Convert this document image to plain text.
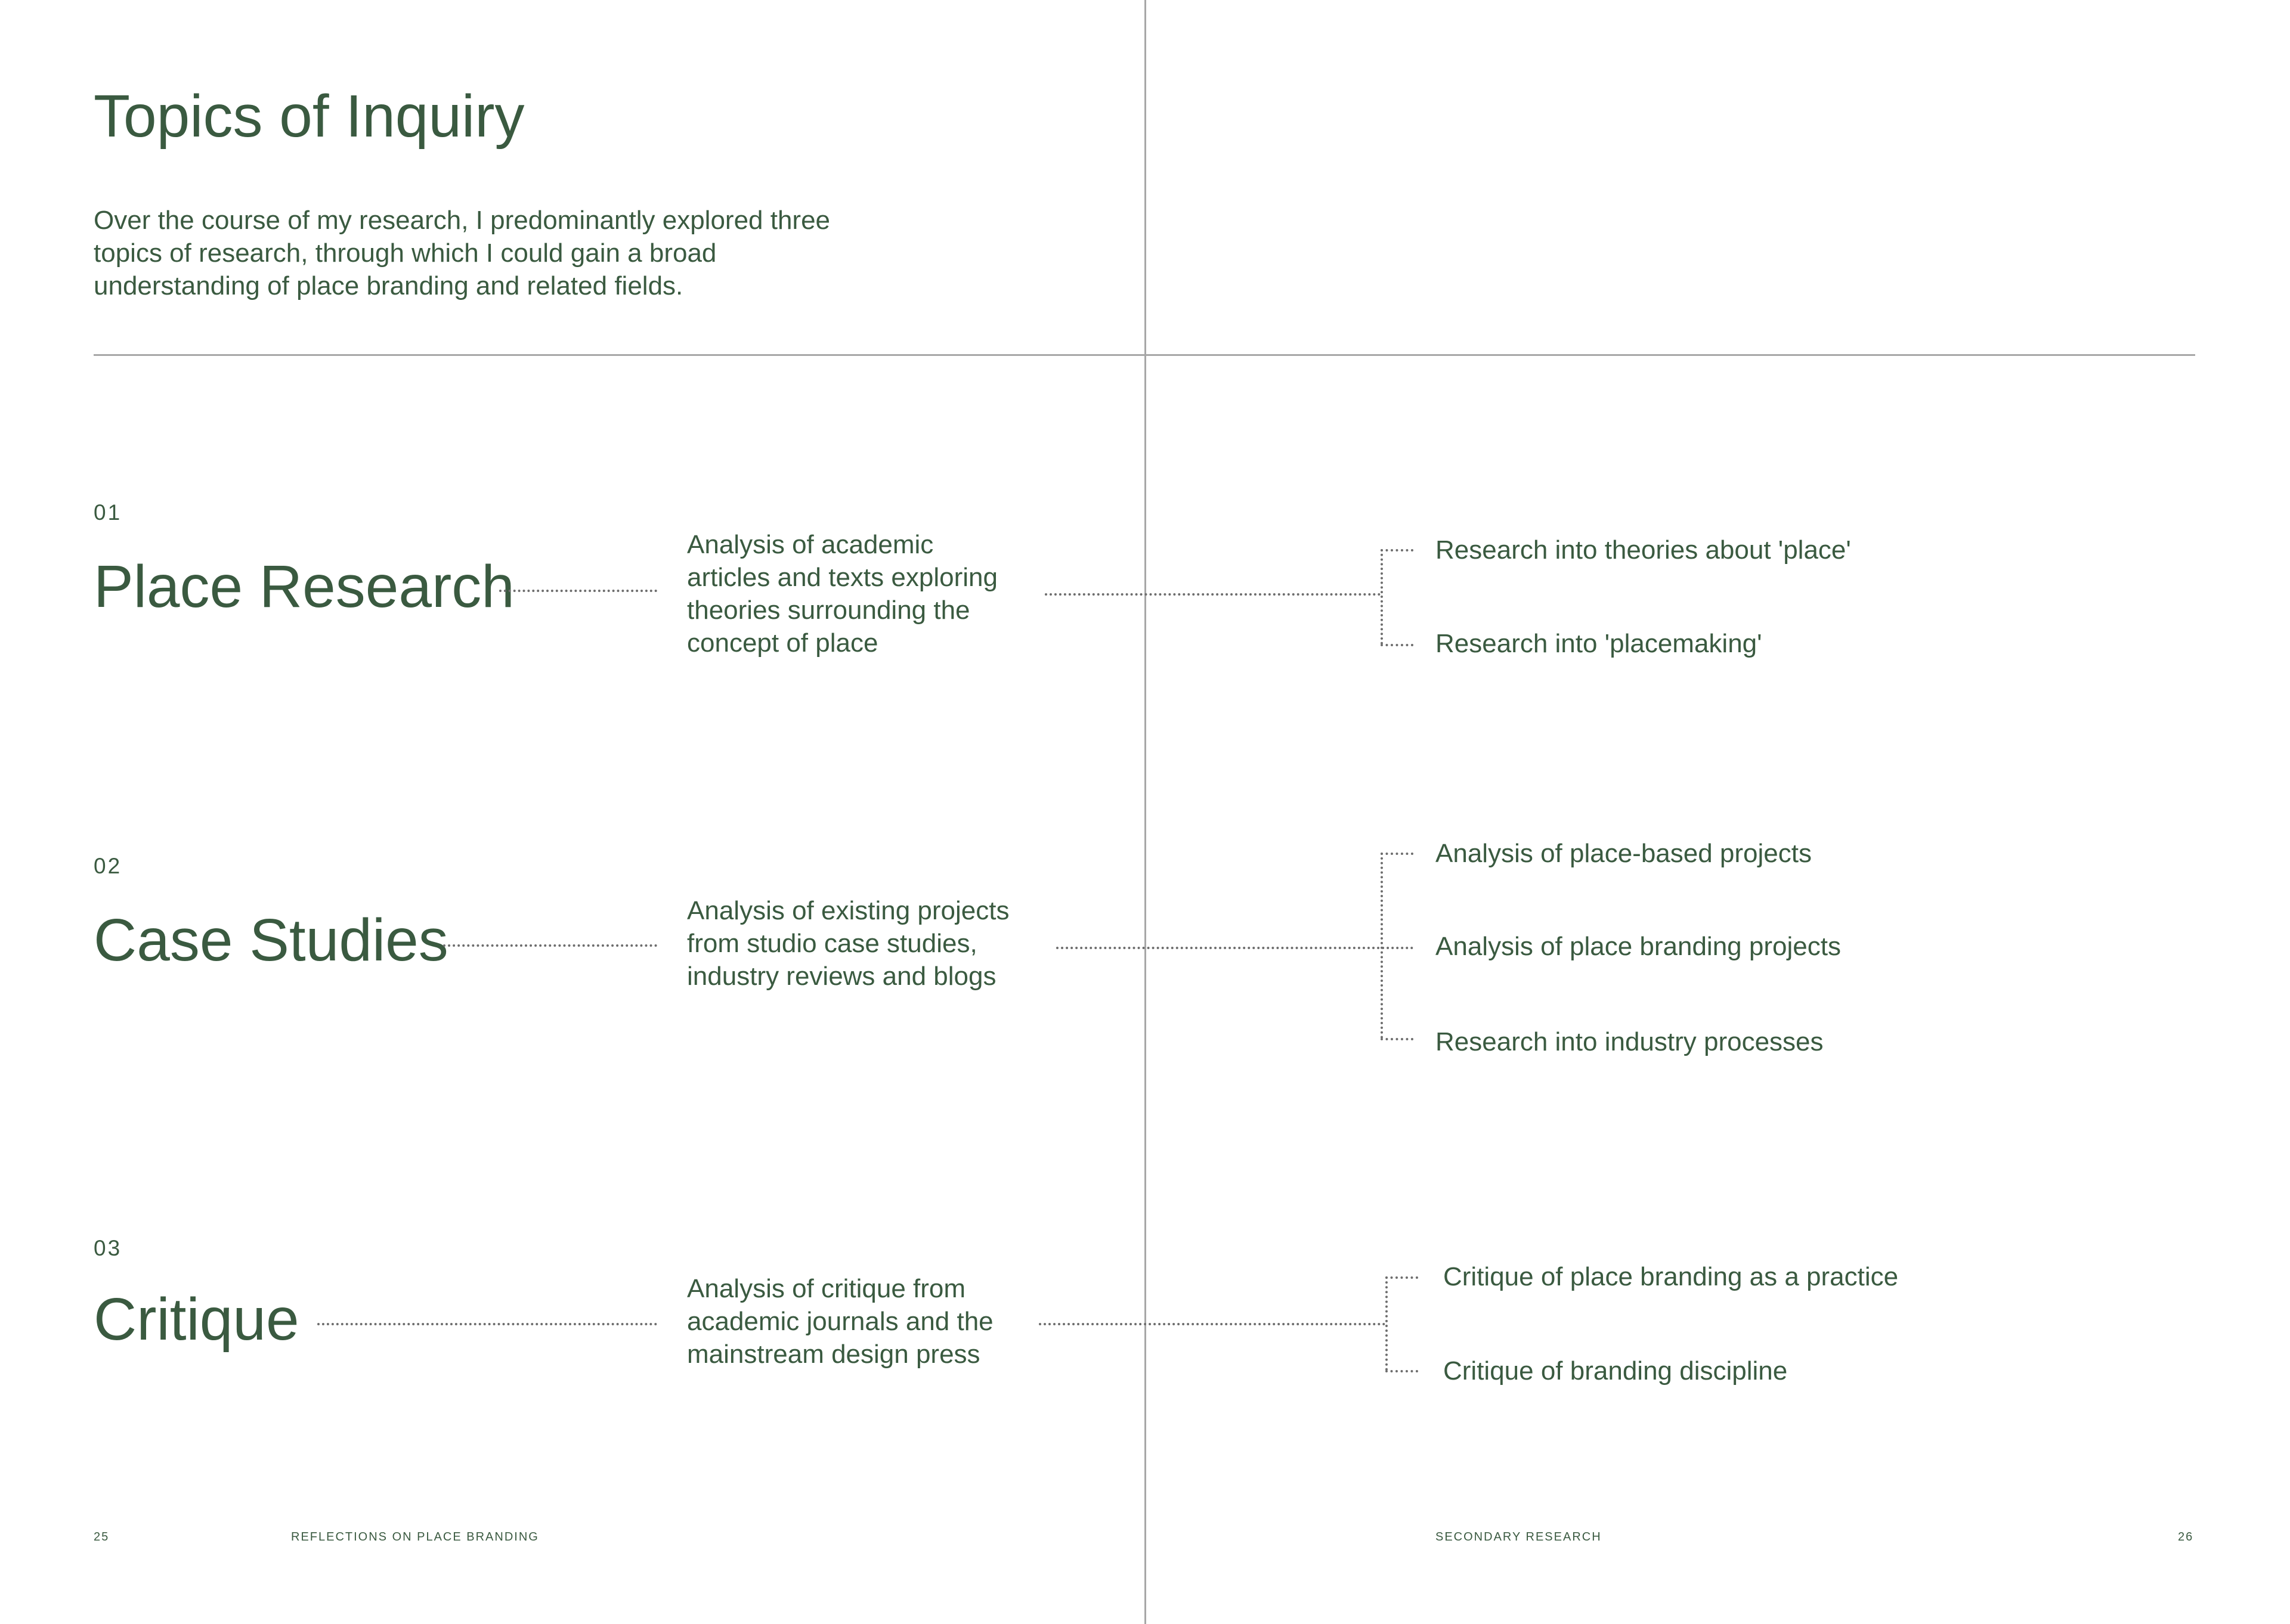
Topics of Inquiry
Over the course of my research, I predominantly explored three topics of research, through which I could gain a broad understanding of place branding and related fields.
01
Place Research
Analysis of academic
articles and texts exploring
theories surrounding the
concept of place
Research into theories about 'place'
Research into 'placemaking'
02
Case Studies	Analysis of existing projects
from studio case studies,
industry reviews and blogs
Analysis of place-based projects
Analysis of place branding projects
Research into industry processes
03
Critique	Analysis of critique from
academic journals and the
mainstream design press
Critique of place branding as a practice
Critique of branding discipline
25	REFLECTIONS ON PLACE BRANDING	SECONDARY RESEARCH	26
